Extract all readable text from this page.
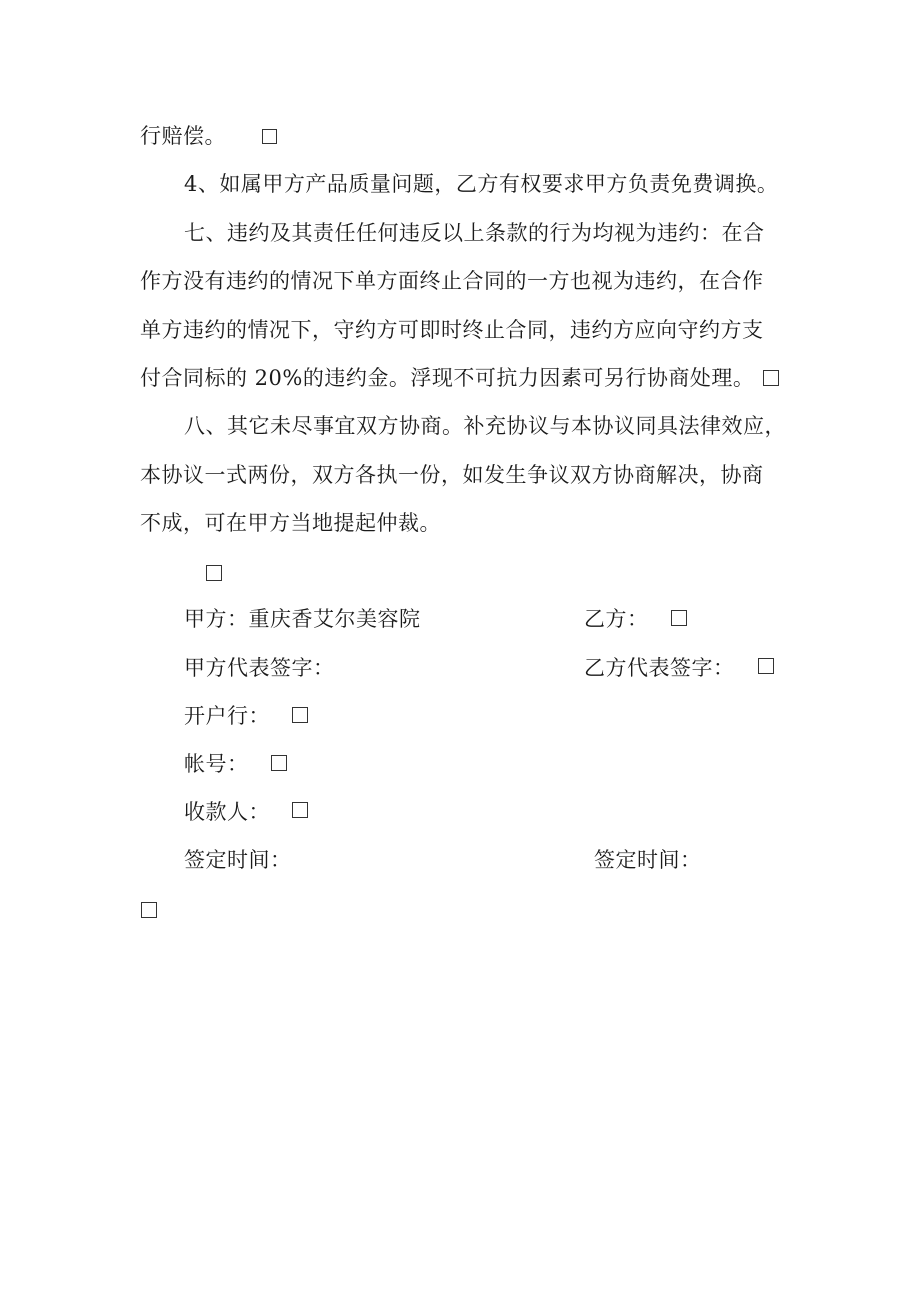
行赔偿。
4、如属甲方产品质量问题，乙方有权要求甲方负责免费调换。
七、违约及其责任任何违反以上条款的行为均视为违约：在合
作方没有违约的情况下单方面终止合同的一方也视为违约，在合作
单方违约的情况下，守约方可即时终止合同，违约方应向守约方支
付合同标的 20%的违约金。浮现不可抗力因素可另行协商处理。
八、其它未尽事宜双方协商。补充协议与本协议同具法律效应，
本协议一式两份，双方各执一份，如发生争议双方协商解决，协商
不成，可在甲方当地提起仲裁。
甲方：重庆香艾尔美容院	乙方：
甲方代表签字：	乙方代表签字：
开户行：
帐号：
收款人：
签定时间：	签定时间：
